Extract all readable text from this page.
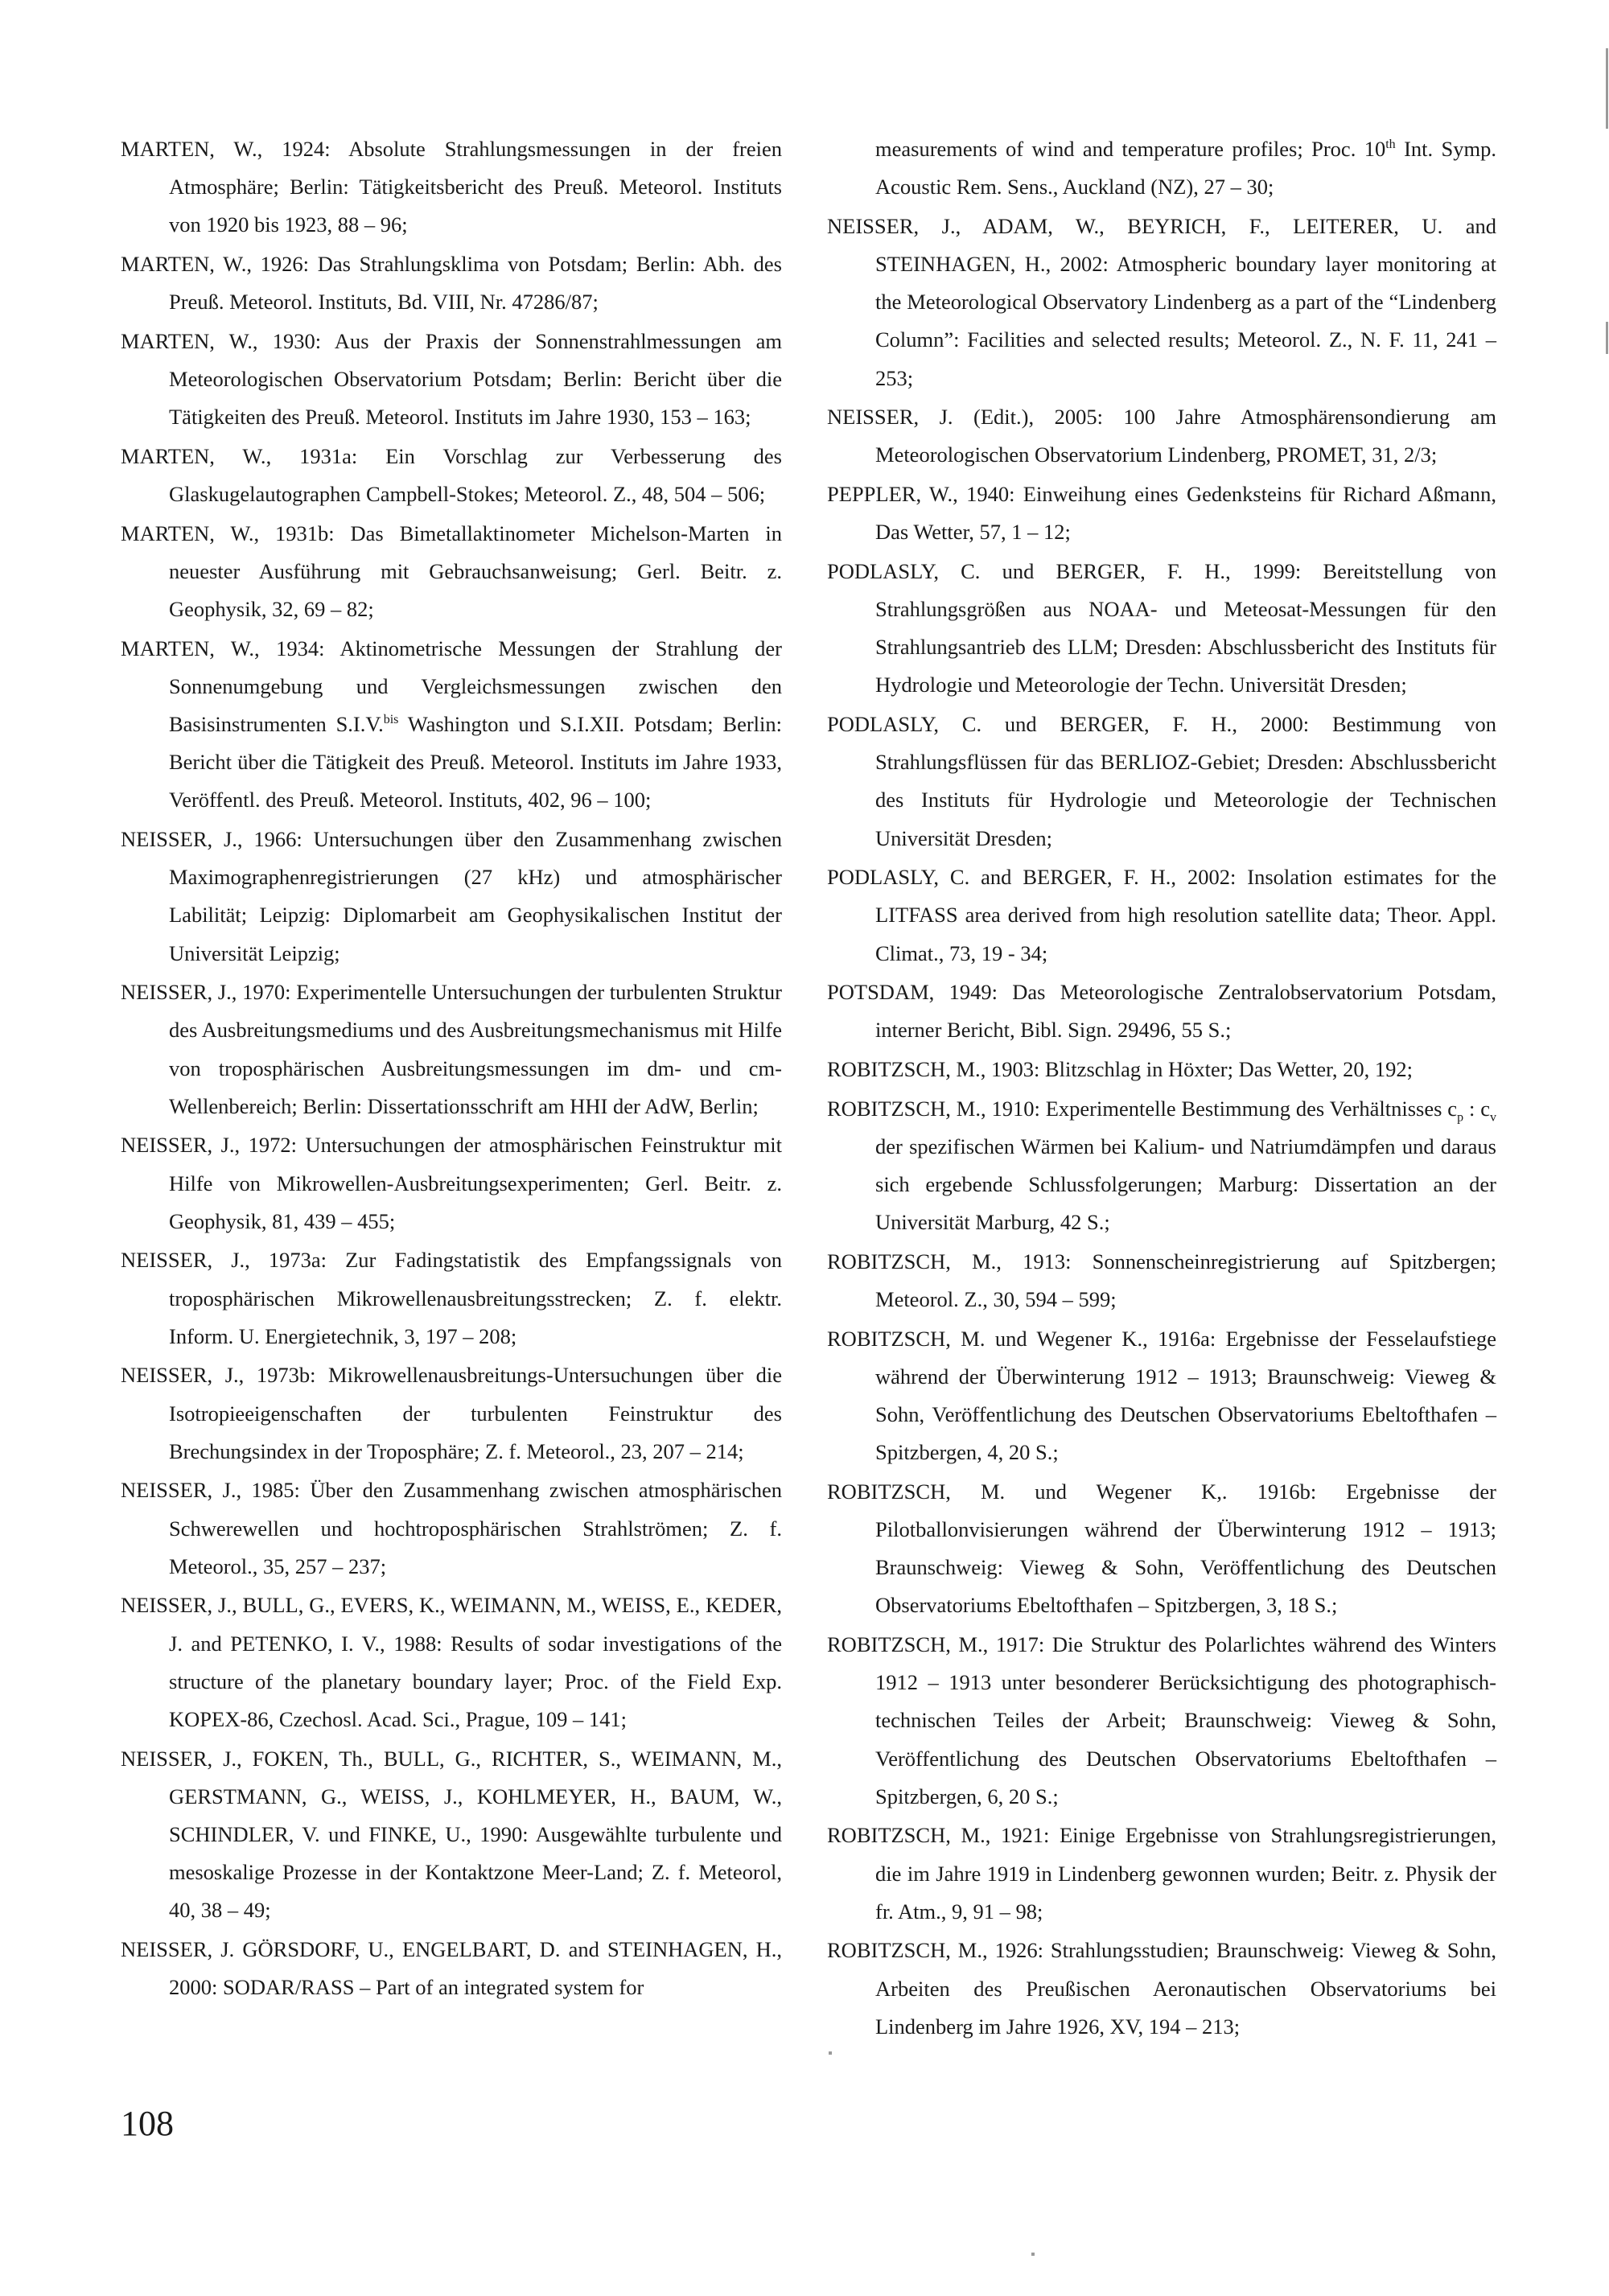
MARTEN, W., 1924: Absolute Strahlungsmessungen in der freien Atmosphäre; Berlin: Tätigkeitsbericht des Preuß. Meteorol. Instituts von 1920 bis 1923, 88 – 96;

MARTEN, W., 1926: Das Strahlungsklima von Potsdam; Berlin: Abh. des Preuß. Meteorol. Instituts, Bd. VIII, Nr. 47286/87;

MARTEN, W., 1930: Aus der Praxis der Sonnenstrahlmessungen am Meteorologischen Observatorium Potsdam; Berlin: Bericht über die Tätigkeiten des Preuß. Meteorol. Instituts im Jahre 1930, 153 – 163;

MARTEN, W., 1931a: Ein Vorschlag zur Verbesserung des Glaskugelautographen Campbell-Stokes; Meteorol. Z., 48, 504 – 506;

MARTEN, W., 1931b: Das Bimetallaktinometer Michelson-Marten in neuester Ausführung mit Gebrauchsanweisung; Gerl. Beitr. z. Geophysik, 32, 69 – 82;

MARTEN, W., 1934: Aktinometrische Messungen der Strahlung der Sonnenumgebung und Vergleichsmessungen zwischen den Basisinstrumenten S.I.V.$^{bis}$ Washington und S.I.XII. Potsdam; Berlin: Bericht über die Tätigkeit des Preuß. Meteorol. Instituts im Jahre 1933, Veröffentl. des Preuß. Meteorol. Instituts, 402, 96 – 100;

NEISSER, J., 1966: Untersuchungen über den Zusammenhang zwischen Maximographenregistrierungen (27 kHz) und atmosphärischer Labilität; Leipzig: Diplomarbeit am Geophysikalischen Institut der Universität Leipzig;

NEISSER, J., 1970: Experimentelle Untersuchungen der turbulenten Struktur des Ausbreitungsmediums und des Ausbreitungsmechanismus mit Hilfe von troposphärischen Ausbreitungsmessungen im dm- und cm-Wellenbereich; Berlin: Dissertationsschrift am HHI der AdW, Berlin;

NEISSER, J., 1972: Untersuchungen der atmosphärischen Feinstruktur mit Hilfe von Mikrowellen-Ausbreitungsexperimenten; Gerl. Beitr. z. Geophysik, 81, 439 – 455;

NEISSER, J., 1973a: Zur Fadingstatistik des Empfangssignals von troposphärischen Mikrowellenausbreitungsstrecken; Z. f. elektr. Inform. U. Energietechnik, 3, 197 – 208;

NEISSER, J., 1973b: Mikrowellenausbreitungs-Untersuchungen über die Isotropieeigenschaften der turbulenten Feinstruktur des Brechungsindex in der Troposphäre; Z. f. Meteorol., 23, 207 – 214;

NEISSER, J., 1985: Über den Zusammenhang zwischen atmosphärischen Schwerewellen und hochtroposphärischen Strahlströmen; Z. f. Meteorol., 35, 257 – 237;

NEISSER, J., BULL, G., EVERS, K., WEIMANN, M., WEISS, E., KEDER, J. and PETENKO, I. V., 1988: Results of sodar investigations of the structure of the planetary boundary layer; Proc. of the Field Exp. KOPEX-86, Czechosl. Acad. Sci., Prague, 109 – 141;

NEISSER, J., FOKEN, Th., BULL, G., RICHTER, S., WEIMANN, M., GERSTMANN, G., WEISS, J., KOHLMEYER, H., BAUM, W., SCHINDLER, V. und FINKE, U., 1990: Ausgewählte turbulente und mesoskalige Prozesse in der Kontaktzone Meer-Land; Z. f. Meteorol, 40, 38 – 49;

NEISSER, J. GÖRSDORF, U., ENGELBART, D. and STEINHAGEN, H., 2000: SODAR/RASS – Part of an integrated system for

measurements of wind and temperature profiles; Proc. 10th Int. Symp. Acoustic Rem. Sens., Auckland (NZ), 27 – 30;

NEISSER, J., ADAM, W., BEYRICH, F., LEITERER, U. and STEINHAGEN, H., 2002: Atmospheric boundary layer monitoring at the Meteorological Observatory Lindenberg as a part of the “Lindenberg Column”: Facilities and selected results; Meteorol. Z., N. F. 11, 241 – 253;

NEISSER, J. (Edit.), 2005: 100 Jahre Atmosphärensondierung am Meteorologischen Observatorium Lindenberg, PROMET, 31, 2/3;

PEPPLER, W., 1940: Einweihung eines Gedenksteins für Richard Aßmann, Das Wetter, 57, 1 – 12;

PODLASLY, C. und BERGER, F. H., 1999: Bereitstellung von Strahlungsgrößen aus NOAA- und Meteosat-Messungen für den Strahlungsantrieb des LLM; Dresden: Abschlussbericht des Instituts für Hydrologie und Meteorologie der Techn. Universität Dresden;

PODLASLY, C. und BERGER, F. H., 2000: Bestimmung von Strahlungsflüssen für das BERLIOZ-Gebiet; Dresden: Abschlussbericht des Instituts für Hydrologie und Meteorologie der Technischen Universität Dresden;

PODLASLY, C. and BERGER, F. H., 2002: Insolation estimates for the LITFASS area derived from high resolution satellite data; Theor. Appl. Climat., 73, 19 - 34;

POTSDAM, 1949: Das Meteorologische Zentralobservatorium Potsdam, interner Bericht, Bibl. Sign. 29496, 55 S.;

ROBITZSCH, M., 1903: Blitzschlag in Höxter; Das Wetter, 20, 192;

ROBITZSCH, M., 1910: Experimentelle Bestimmung des Verhältnisses $c_p$ : $c_v$ der spezifischen Wärmen bei Kalium- und Natriumdämpfen und daraus sich ergebende Schlussfolgerungen; Marburg: Dissertation an der Universität Marburg, 42 S.;

ROBITZSCH, M., 1913: Sonnenscheinregistrierung auf Spitzbergen; Meteorol. Z., 30, 594 – 599;

ROBITZSCH, M. und Wegener K., 1916a: Ergebnisse der Fesselaufstiege während der Überwinterung 1912 – 1913; Braunschweig: Vieweg & Sohn, Veröffentlichung des Deutschen Observatoriums Ebeltofthafen – Spitzbergen, 4, 20 S.;

ROBITZSCH, M. und Wegener K,. 1916b: Ergebnisse der Pilotballonvisierungen während der Überwinterung 1912 – 1913; Braunschweig: Vieweg & Sohn, Veröffentlichung des Deutschen Observatoriums Ebeltofthafen – Spitzbergen, 3, 18 S.;

ROBITZSCH, M., 1917: Die Struktur des Polarlichtes während des Winters 1912 – 1913 unter besonderer Berücksichtigung des photographisch-technischen Teiles der Arbeit; Braunschweig: Vieweg & Sohn, Veröffentlichung des Deutschen Observatoriums Ebeltofthafen – Spitzbergen, 6, 20 S.;

ROBITZSCH, M., 1921: Einige Ergebnisse von Strahlungsregistrierungen, die im Jahre 1919 in Lindenberg gewonnen wurden; Beitr. z. Physik der fr. Atm., 9, 91 – 98;

ROBITZSCH, M., 1926: Strahlungsstudien; Braunschweig: Vieweg & Sohn, Arbeiten des Preußischen Aeronautischen Observatoriums bei Lindenberg im Jahre 1926, XV, 194 – 213;

108
